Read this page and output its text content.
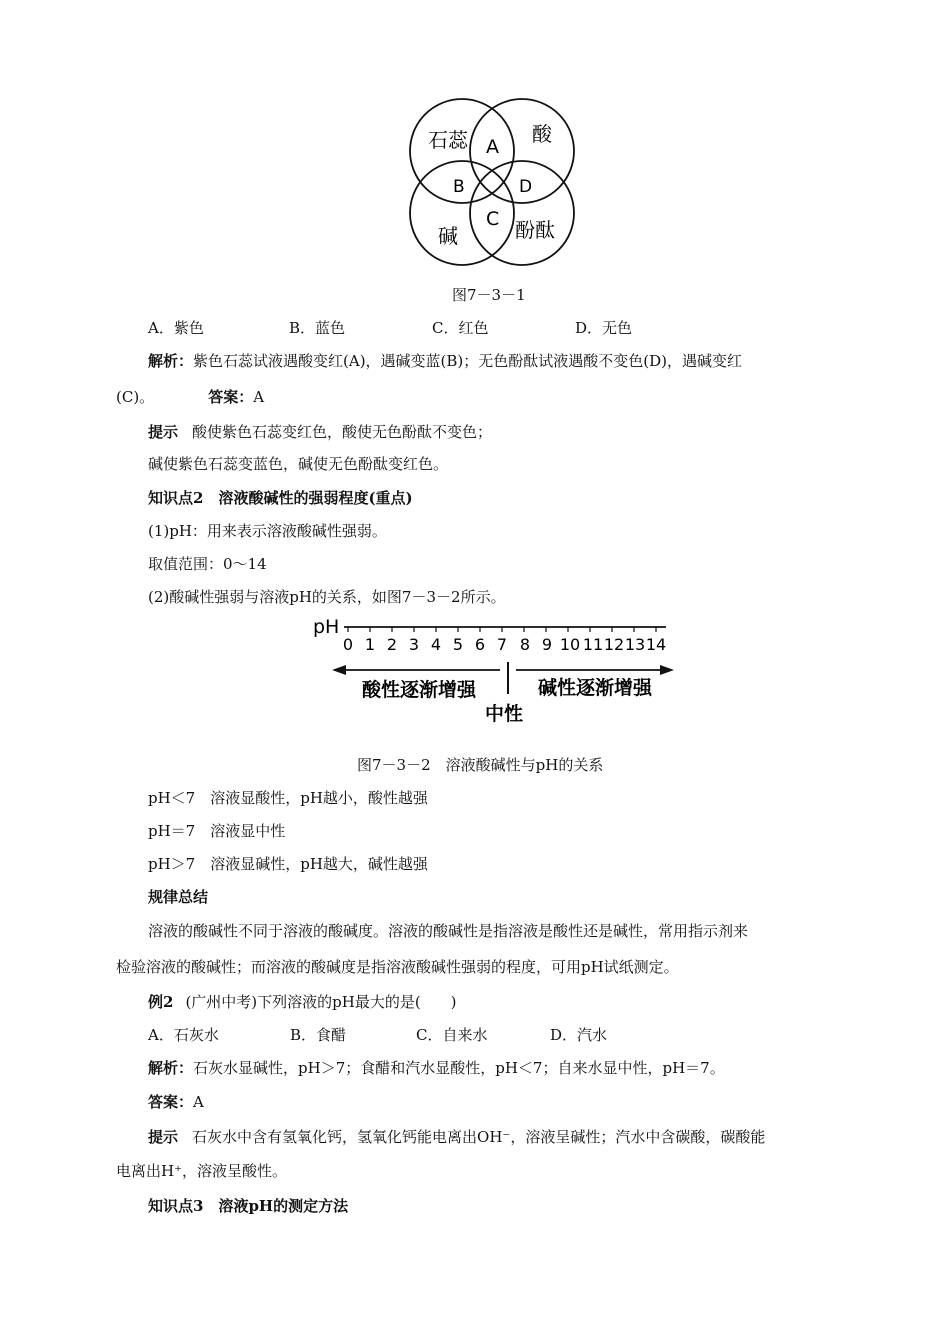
石蕊	酸
碱	酚酞
A
B
C
D
图7－3－1
A．紫色	B．蓝色	C．红色	D．无色
解析：紫色石蕊试液遇酸变红(A)，遇碱变蓝(B)；无色酚酞试液遇酸不变色(D)，遇碱变红
(C)。	答案：A
提示 酸使紫色石蕊变红色，酸使无色酚酞不变色；
碱使紫色石蕊变蓝色，碱使无色酚酞变红色。
知识点2　溶液酸碱性的强弱程度(重点)
(1)pH：用来表示溶液酸碱性强弱。
取值范围：0～14
(2)酸碱性强弱与溶液pH的关系，如图7－3－2所示。
pH
0 1 2 3 4 5 6 7 8 9 10 11 12 13 14
酸性逐渐增强	碱性逐渐增强
中性
图7－3－2　溶液酸碱性与pH的关系
pH＜7　溶液显酸性，pH越小，酸性越强
pH＝7　溶液显中性
pH＞7　溶液显碱性，pH越大，碱性越强
规律总结
溶液的酸碱性不同于溶液的酸碱度。溶液的酸碱性是指溶液是酸性还是碱性，常用指示剂来
检验溶液的酸碱性；而溶液的酸碱度是指溶液酸碱性强弱的程度，可用pH试纸测定。
例2 (广州中考)下列溶液的pH最大的是(　　)
A．石灰水	B．食醋	C．自来水	D．汽水
解析：石灰水显碱性，pH＞7；食醋和汽水显酸性，pH＜7；自来水显中性，pH＝7。
答案：A
提示 石灰水中含有氢氧化钙，氢氧化钙能电离出OH⁻，溶液呈碱性；汽水中含碳酸，碳酸能
电离出H⁺，溶液呈酸性。
知识点3　溶液pH的测定方法
